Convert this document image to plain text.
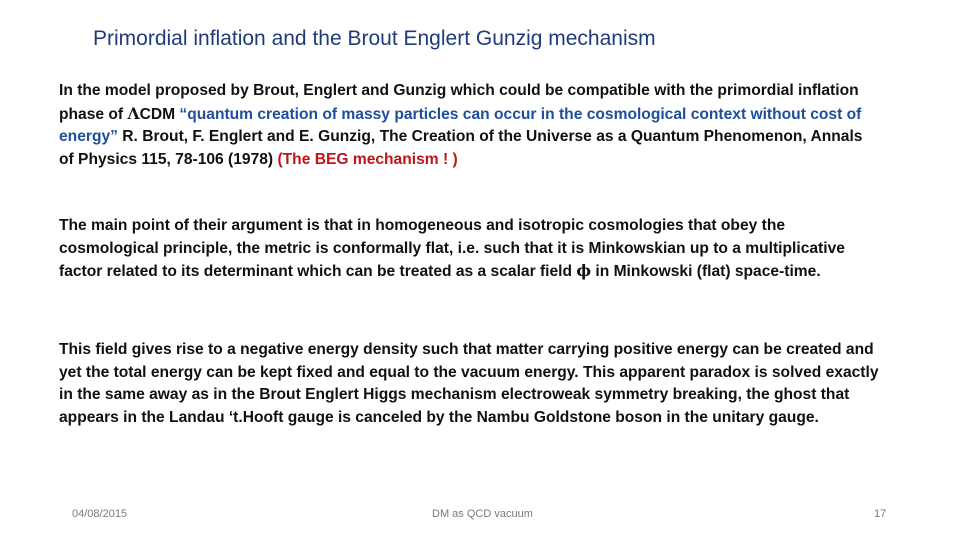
Primordial inflation and the Brout Englert Gunzig mechanism
In the model proposed by Brout, Englert and Gunzig which could be compatible with the primordial inflation phase of ΛCDM “quantum creation of massy particles can occur in the cosmological context without cost of energy” R. Brout, F. Englert and E. Gunzig, The Creation of the Universe as a Quantum Phenomenon, Annals of Physics 115, 78-106 (1978) (The BEG mechanism ! )
The main point of their argument is that in homogeneous and isotropic cosmologies that obey the cosmological principle, the metric is conformally flat, i.e. such that it is Minkowskian up to a multiplicative factor related to its determinant which can be treated as a scalar field ϕ in Minkowski (flat) space-time.
This field gives rise to a negative energy density such that matter carrying positive energy can be created and yet the total energy can be kept fixed and equal to the vacuum energy. This apparent paradox is solved exactly in the same away as in the Brout Englert Higgs mechanism electroweak symmetry breaking, the ghost that appears in the Landau ‘t.Hooft gauge is canceled by the Nambu Goldstone boson in the unitary gauge.
04/08/2015	DM as QCD vacuum	17
